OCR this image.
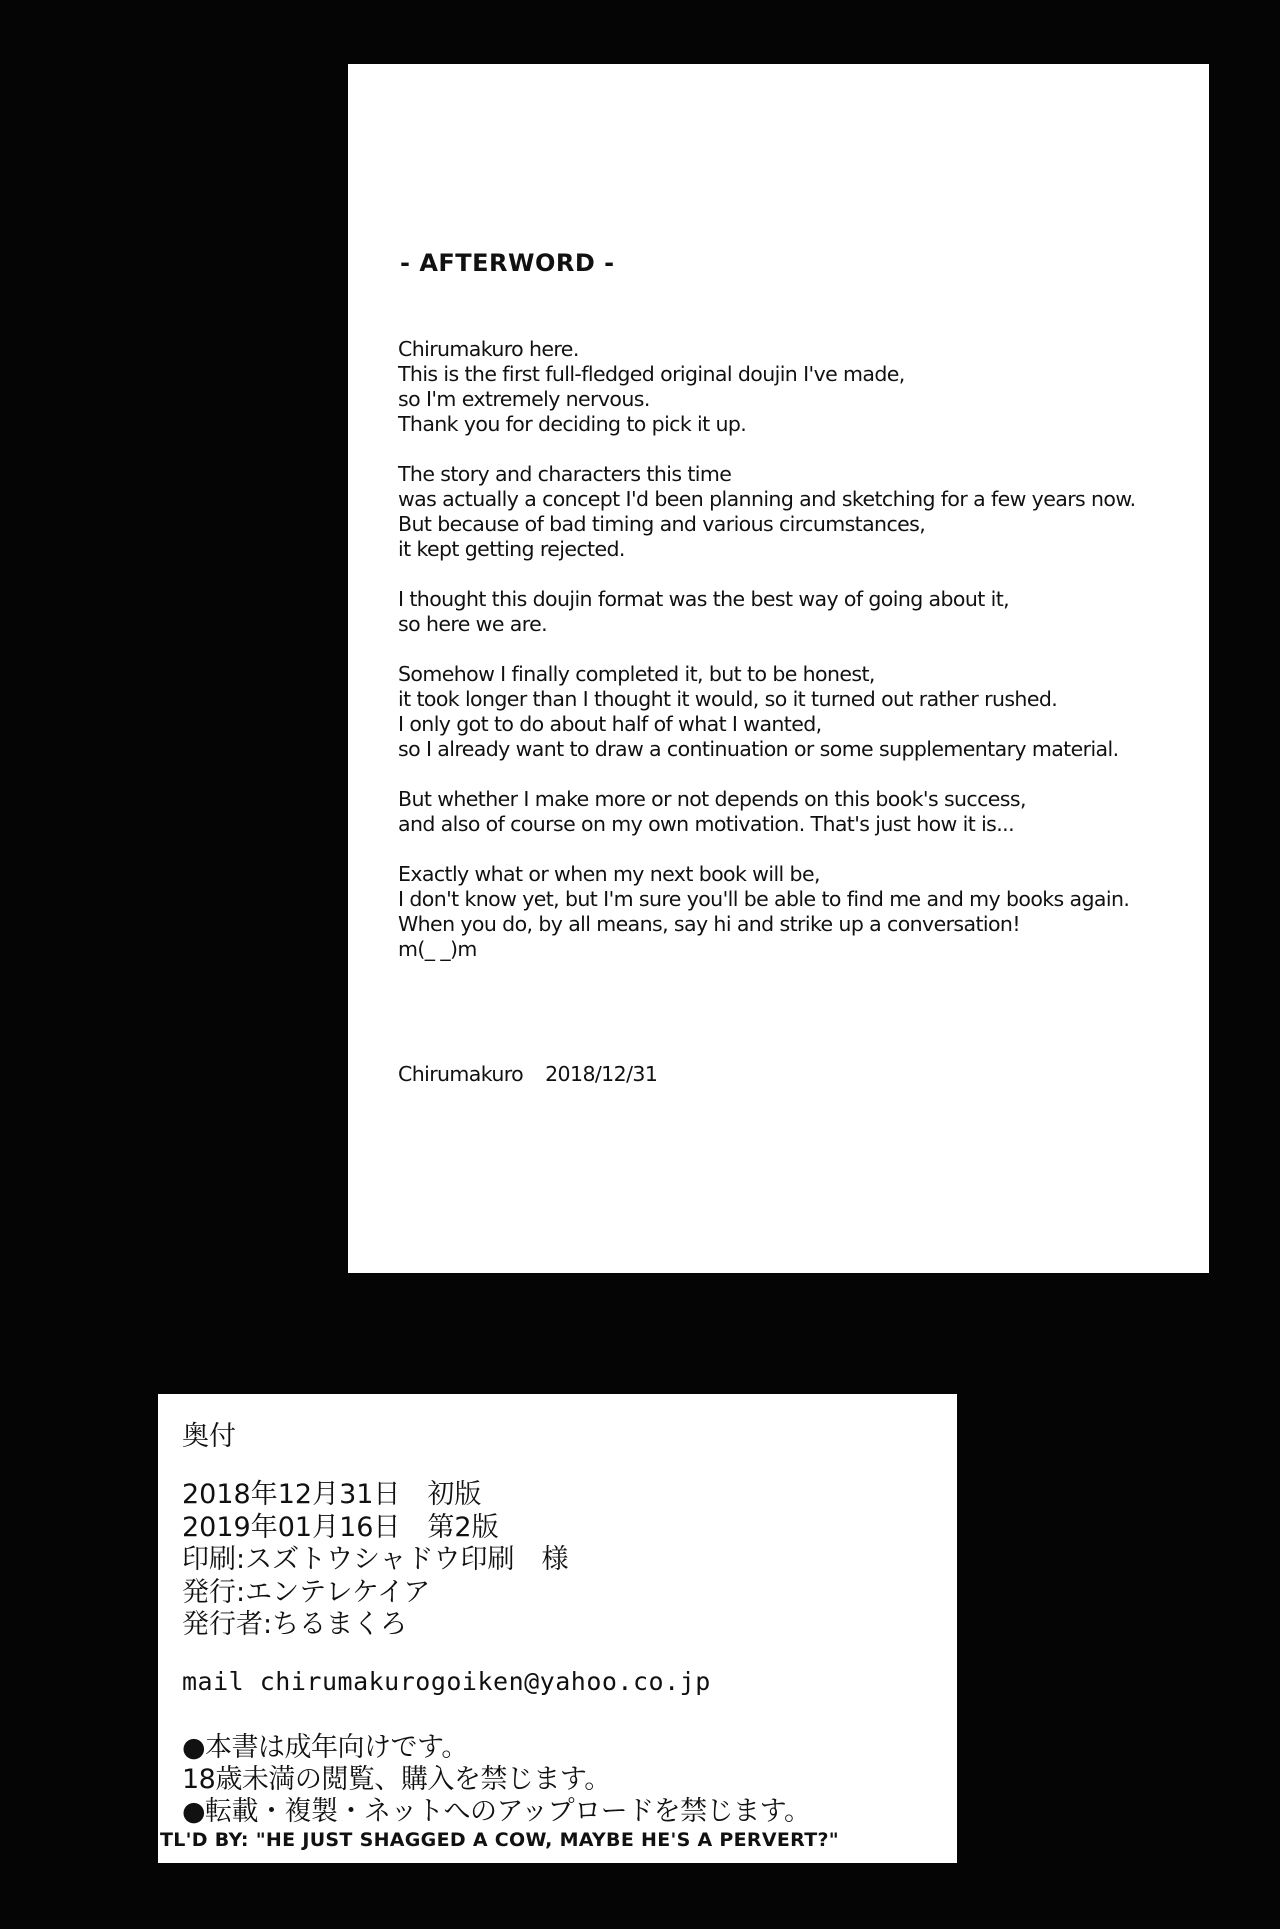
- AFTERWORD -

Chirumakuro here.
This is the first full-fledged original doujin I've made,
so I'm extremely nervous.
Thank you for deciding to pick it up.

The story and characters this time
was actually a concept I'd been planning and sketching for a few years now.
But because of bad timing and various circumstances,
it kept getting rejected.

I thought this doujin format was the best way of going about it,
so here we are.

Somehow I finally completed it, but to be honest,
it took longer than I thought it would, so it turned out rather rushed.
I only got to do about half of what I wanted,
so I already want to draw a continuation or some supplementary material.

But whether I make more or not depends on this book's success,
and also of course on my own motivation. That's just how it is...

Exactly what or when my next book will be,
I don't know yet, but I'm sure you'll be able to find me and my books again.
When you do, by all means, say hi and strike up a conversation!
m(_ _)m

Chirumakuro 2018/12/31
奥付
2018年12月31日　初版
2019年01月16日　第2版
印刷:スズトウシャドウ印刷　様
発行:エンテレケイア
発行者:ちるまくろ
mail chirumakurogoiken@yahoo.co.jp
●本書は成年向けです。
18歳未満の閲覧、購入を禁じます。
●転載・複製・ネットへのアップロードを禁じます。
TL'D BY: "HE JUST SHAGGED A COW, MAYBE HE'S A PERVERT?"
